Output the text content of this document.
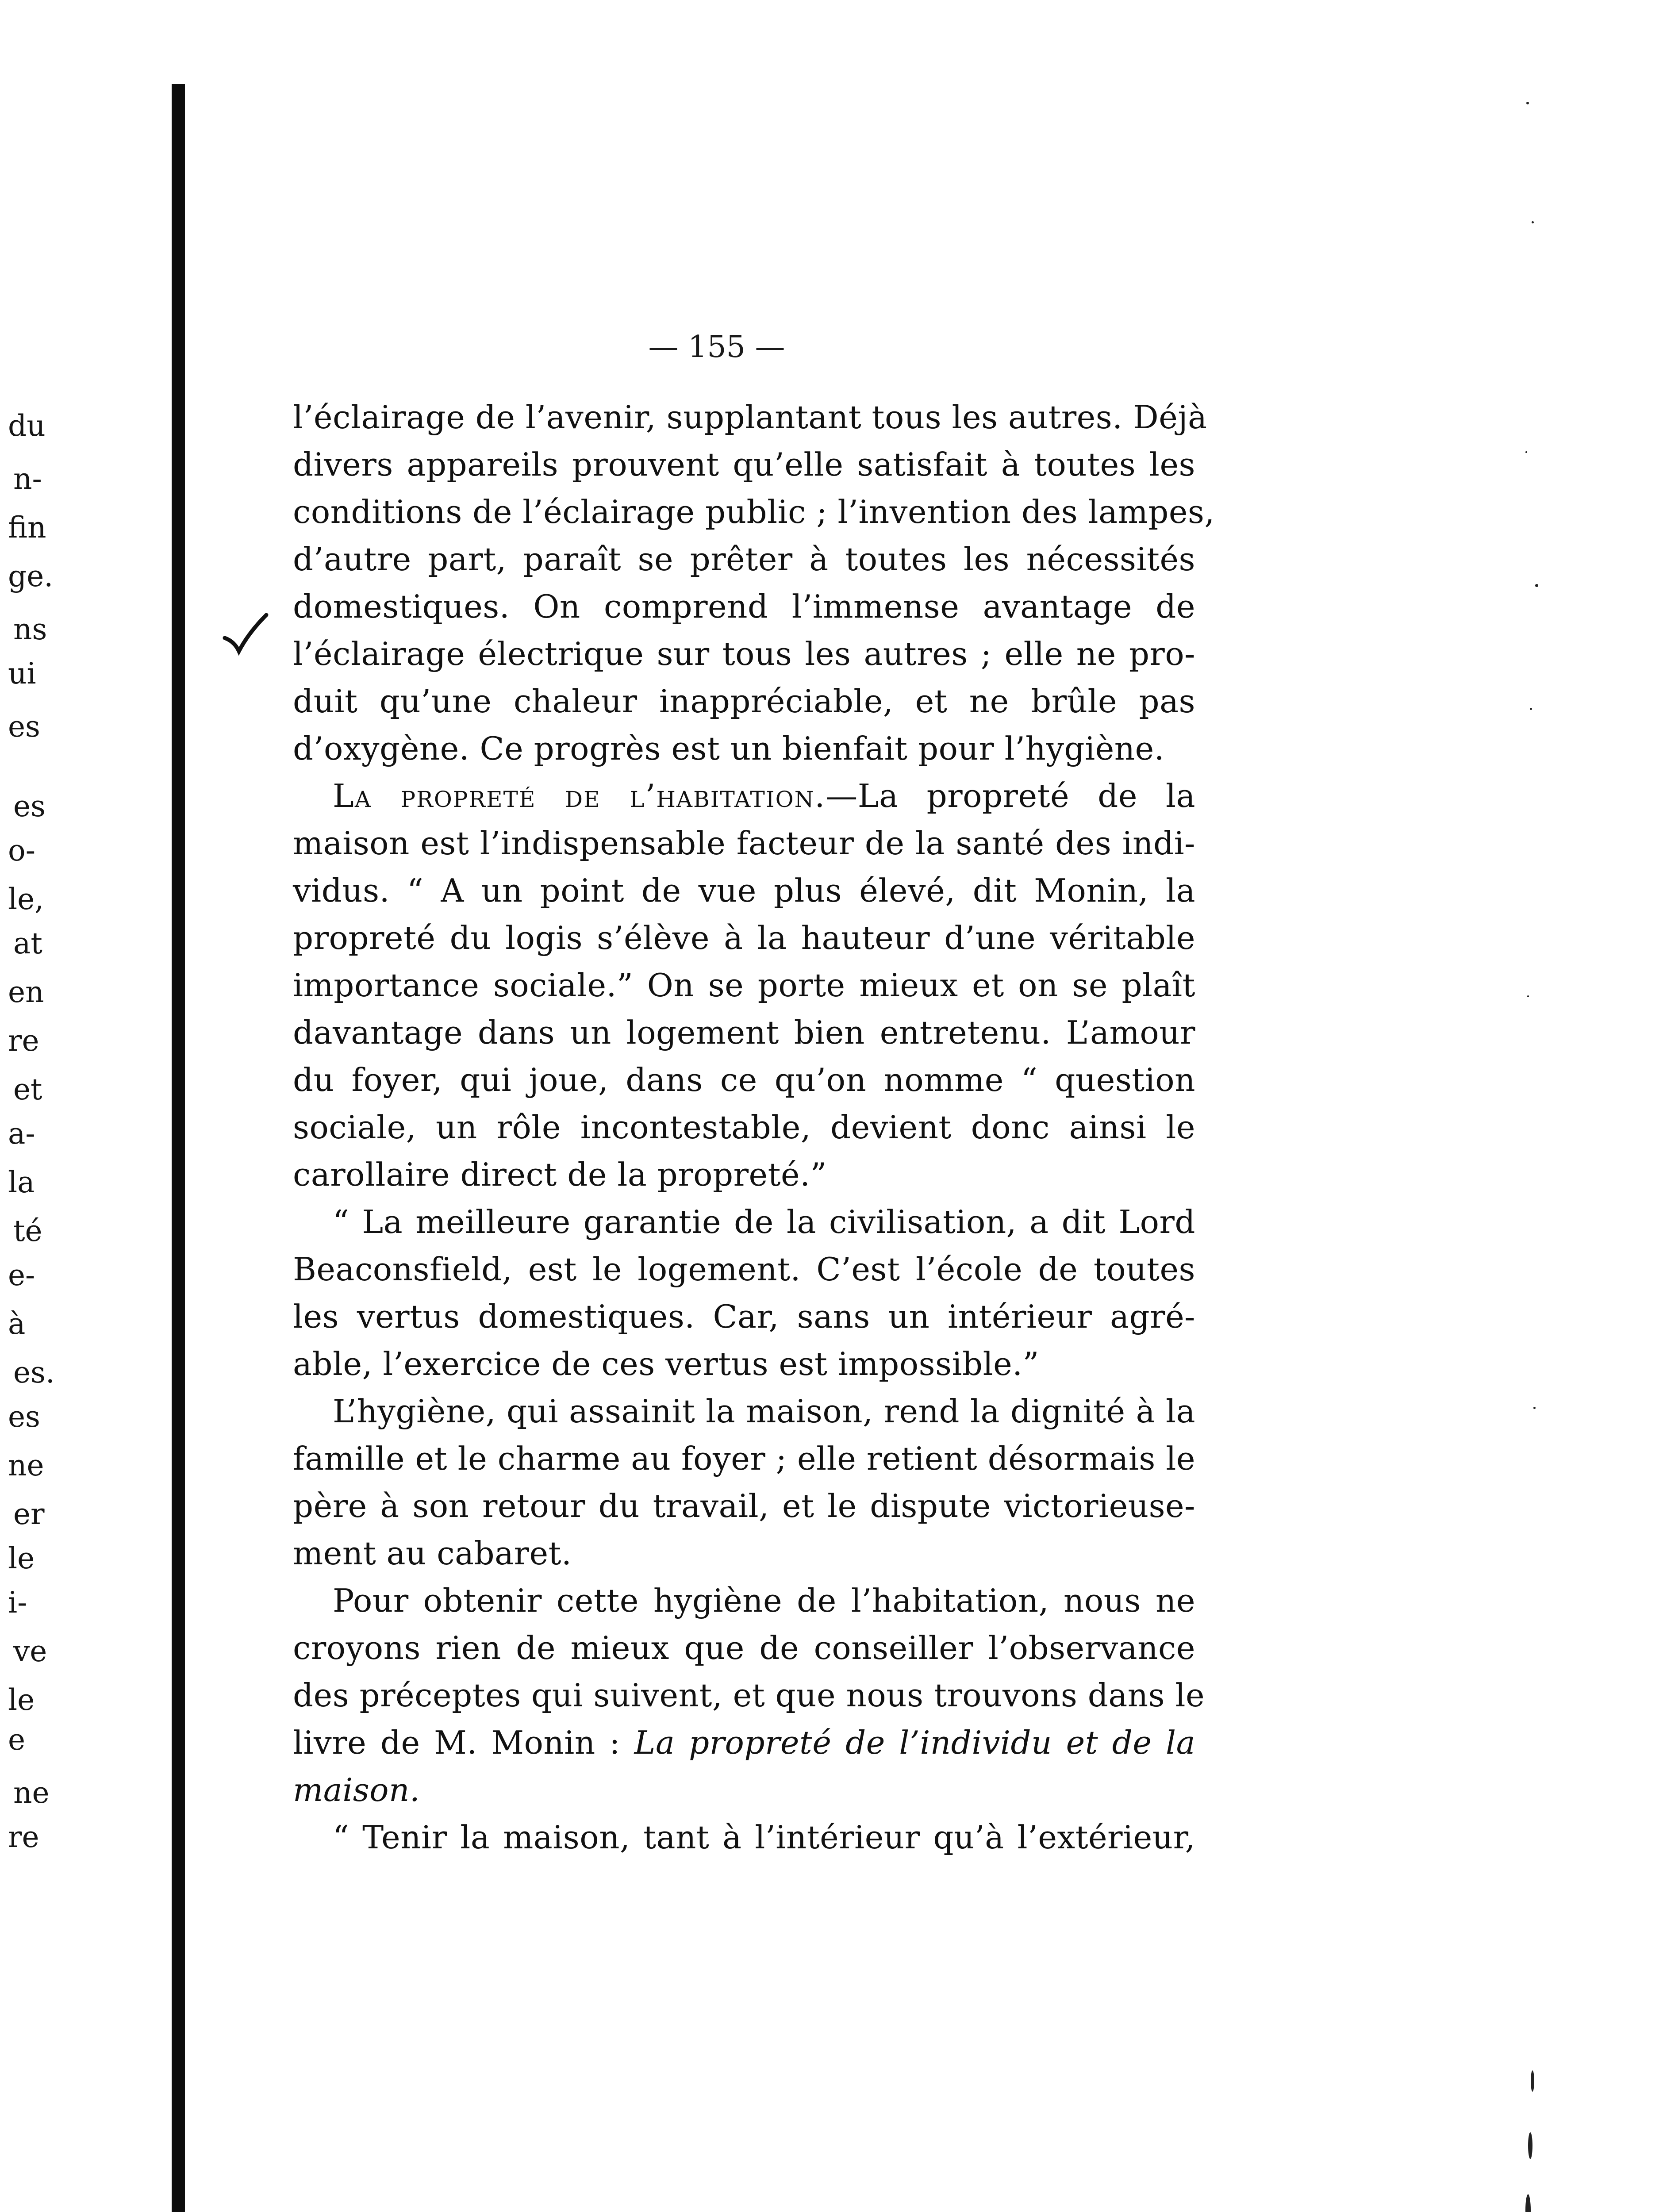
du
n-
fin
ge.
ns
ui
es
es
o-
le,
at
en
re
et
a-
la
té
e-
à
es.
es
ne
er
le
i-
ve
le
e
ne
re
— 155 —
l’éclairage de l’avenir, supplantant tous les autres. Déjà
divers appareils prouvent qu’elle satisfait à toutes les
conditions de l’éclairage public ; l’invention des lampes,
d’autre part, paraît se prêter à toutes les nécessités
domestiques. On comprend l’immense avantage de
l’éclairage électrique sur tous les autres ; elle ne pro-
duit qu’une chaleur inappréciable, et ne brûle pas
d’oxygène. Ce progrès est un bienfait pour l’hygiène.
La propreté de l’habitation.—La propreté de la
maison est l’indispensable facteur de la santé des indi-
vidus. “ A un point de vue plus élevé, dit Monin, la
propreté du logis s’élève à la hauteur d’une véritable
importance sociale.” On se porte mieux et on se plaît
davantage dans un logement bien entretenu. L’amour
du foyer, qui joue, dans ce qu’on nomme “ question
sociale, un rôle incontestable, devient donc ainsi le
carollaire direct de la propreté.”
“ La meilleure garantie de la civilisation, a dit Lord
Beaconsfield, est le logement. C’est l’école de toutes
les vertus domestiques. Car, sans un intérieur agré-
able, l’exercice de ces vertus est impossible.”
L’hygiène, qui assainit la maison, rend la dignité à la
famille et le charme au foyer ; elle retient désormais le
père à son retour du travail, et le dispute victorieuse-
ment au cabaret.
Pour obtenir cette hygiène de l’habitation, nous ne
croyons rien de mieux que de conseiller l’observance
des préceptes qui suivent, et que nous trouvons dans le
livre de M. Monin : La propreté de l’individu et de la
maison.
“ Tenir la maison, tant à l’intérieur qu’à l’extérieur,
